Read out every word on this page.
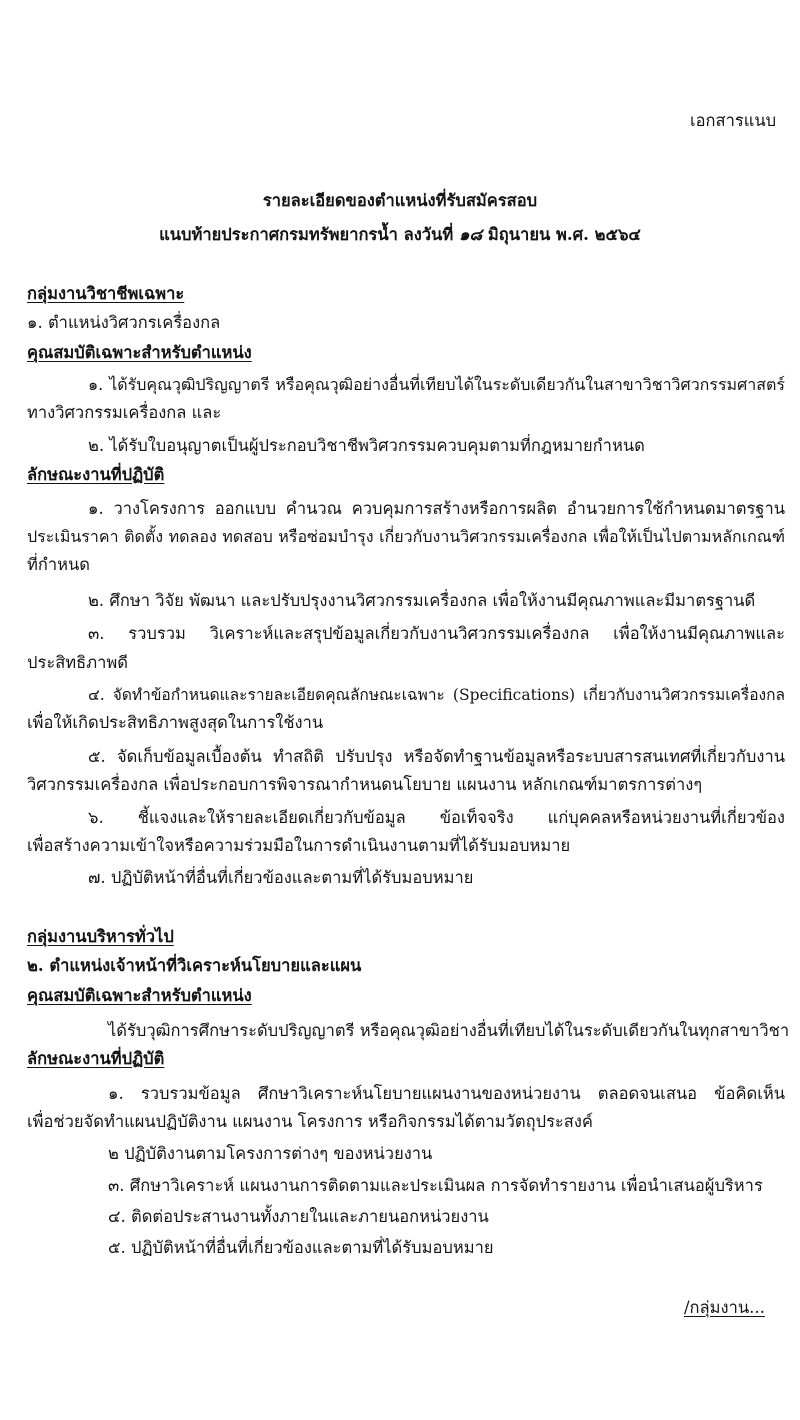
เอกสารแนบ
รายละเอียดของตำแหน่งที่รับสมัครสอบ
แนบท้ายประกาศกรมทรัพยากรน้ำ ลงวันที่ ๑๘ มิถุนายน พ.ศ. ๒๕๖๔
กลุ่มงานวิชาชีพเฉพาะ
๑. ตำแหน่งวิศวกรเครื่องกล
คุณสมบัติเฉพาะสำหรับตำแหน่ง
๑. ได้รับคุณวุฒิปริญญาตรี หรือคุณวุฒิอย่างอื่นที่เทียบได้ในระดับเดียวกันในสาขาวิชาวิศวกรรมศาสตร์
ทางวิศวกรรมเครื่องกล และ
๒. ได้รับใบอนุญาตเป็นผู้ประกอบวิชาชีพวิศวกรรมควบคุมตามที่กฎหมายกำหนด
ลักษณะงานที่ปฏิบัติ
๑. วางโครงการ ออกแบบ คำนวณ ควบคุมการสร้างหรือการผลิต อำนวยการใช้กำหนดมาตรฐาน
ประเมินราคา ติดตั้ง ทดลอง ทดสอบ หรือซ่อมบำรุง เกี่ยวกับงานวิศวกรรมเครื่องกล เพื่อให้เป็นไปตามหลักเกณฑ์
ที่กำหนด
๒. ศึกษา วิจัย พัฒนา และปรับปรุงงานวิศวกรรมเครื่องกล เพื่อให้งานมีคุณภาพและมีมาตรฐานดี
๓. รวบรวม วิเคราะห์และสรุปข้อมูลเกี่ยวกับงานวิศวกรรมเครื่องกล เพื่อให้งานมีคุณภาพและ
ประสิทธิภาพดี
๔. จัดทำข้อกำหนดและรายละเอียดคุณลักษณะเฉพาะ (Specifications) เกี่ยวกับงานวิศวกรรมเครื่องกล
เพื่อให้เกิดประสิทธิภาพสูงสุดในการใช้งาน
๕. จัดเก็บข้อมูลเบื้องต้น ทำสถิติ ปรับปรุง หรือจัดทำฐานข้อมูลหรือระบบสารสนเทศที่เกี่ยวกับงาน
วิศวกรรมเครื่องกล เพื่อประกอบการพิจารณากำหนดนโยบาย แผนงาน หลักเกณฑ์มาตรการต่างๆ
๖. ชี้แจงและให้รายละเอียดเกี่ยวกับข้อมูล ข้อเท็จจริง แก่บุคคลหรือหน่วยงานที่เกี่ยวข้อง
เพื่อสร้างความเข้าใจหรือความร่วมมือในการดำเนินงานตามที่ได้รับมอบหมาย
๗. ปฏิบัติหน้าที่อื่นที่เกี่ยวข้องและตามที่ได้รับมอบหมาย
กลุ่มงานบริหารทั่วไป
๒. ตำแหน่งเจ้าหน้าที่วิเคราะห์นโยบายและแผน
คุณสมบัติเฉพาะสำหรับตำแหน่ง
ได้รับวุฒิการศึกษาระดับปริญญาตรี หรือคุณวุฒิอย่างอื่นที่เทียบได้ในระดับเดียวกันในทุกสาขาวิชา
ลักษณะงานที่ปฏิบัติ
๑. รวบรวมข้อมูล ศึกษาวิเคราะห์นโยบายแผนงานของหน่วยงาน ตลอดจนเสนอ ข้อคิดเห็น
เพื่อช่วยจัดทำแผนปฏิบัติงาน แผนงาน โครงการ หรือกิจกรรมได้ตามวัตถุประสงค์
๒ ปฏิบัติงานตามโครงการต่างๆ ของหน่วยงาน
๓. ศึกษาวิเคราะห์ แผนงานการติดตามและประเมินผล การจัดทำรายงาน เพื่อนำเสนอผู้บริหาร
๔. ติดต่อประสานงานทั้งภายในและภายนอกหน่วยงาน
๕. ปฏิบัติหน้าที่อื่นที่เกี่ยวข้องและตามที่ได้รับมอบหมาย
/กลุ่มงาน...
